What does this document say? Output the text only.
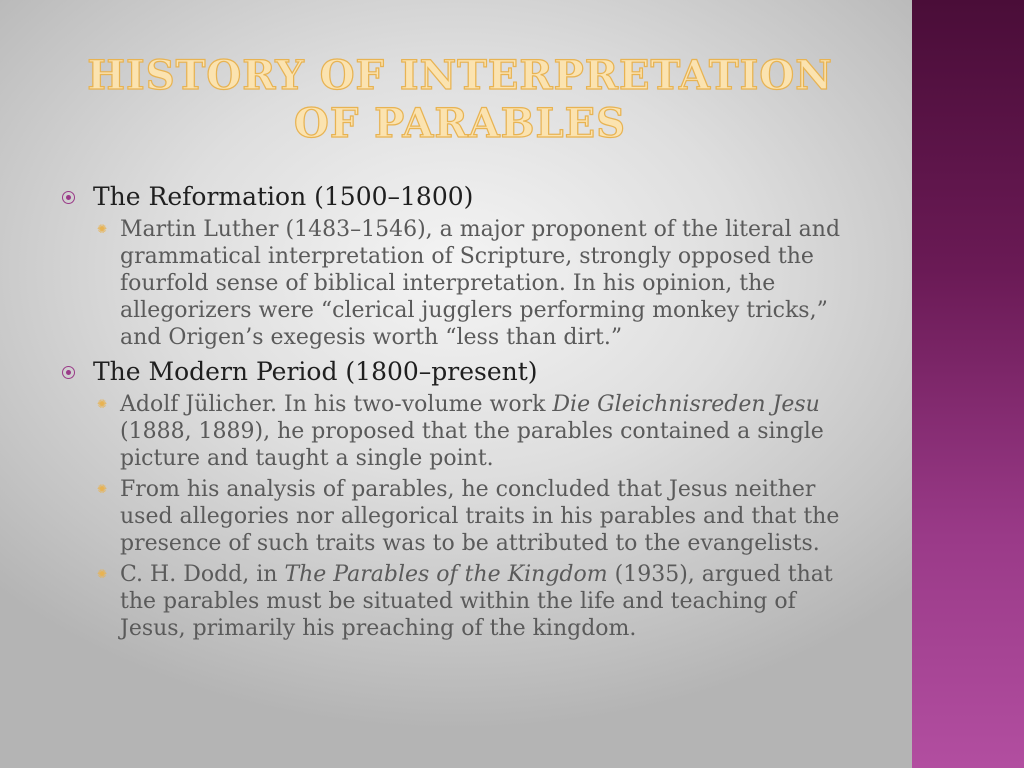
HISTORY OF INTERPRETATION OF PARABLES
The Reformation (1500–1800)
✺ Martin Luther (1483–1546), a major proponent of the literal and grammatical interpretation of Scripture, strongly opposed the fourfold sense of biblical interpretation. In his opinion, the allegorizers were “clerical jugglers performing monkey tricks,” and Origen’s exegesis worth “less than dirt.”
The Modern Period (1800–present)
✺ Adolf Jülicher. In his two-volume work Die Gleichnisreden Jesu (1888, 1889), he proposed that the parables contained a single picture and taught a single point.
✺ From his analysis of parables, he concluded that Jesus neither used allegories nor allegorical traits in his parables and that the presence of such traits was to be attributed to the evangelists.
✺ C. H. Dodd, in The Parables of the Kingdom (1935), argued that the parables must be situated within the life and teaching of Jesus, primarily his preaching of the kingdom.
